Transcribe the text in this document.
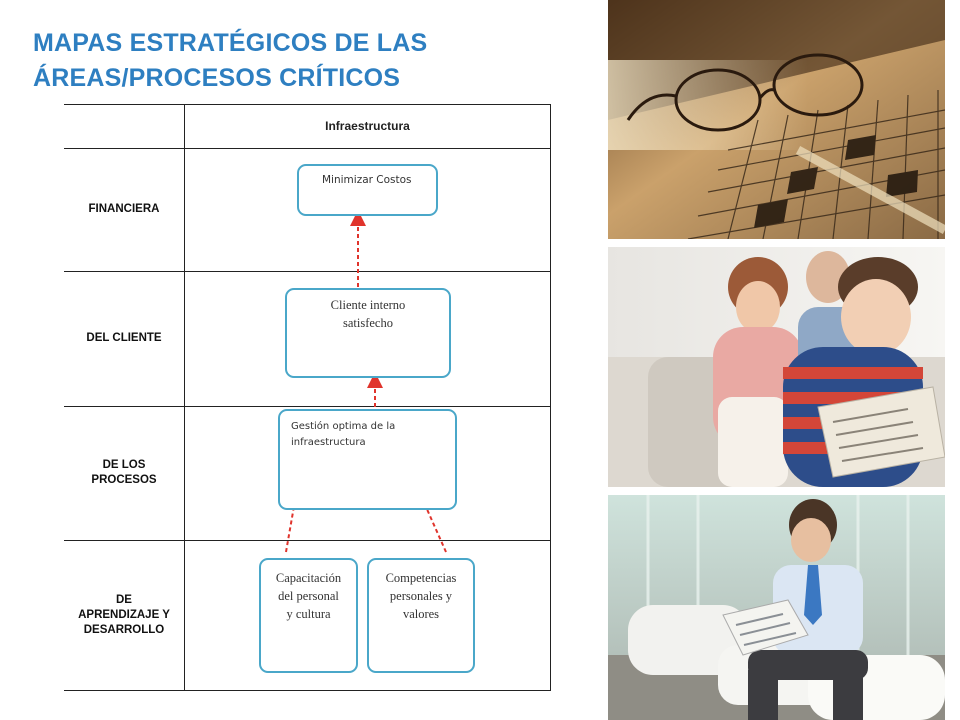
MAPAS ESTRATÉGICOS DE LAS
ÁREAS/PROCESOS CRÍTICOS
Infraestructura
FINANCIERA
DEL CLIENTE
DE LOS
PROCESOS
DE
APRENDIZAJE Y
DESARROLLO
Minimizar Costos
Cliente interno
satisfecho
Gestión optima de la
infraestructura
Capacitación
del personal
y cultura
Competencias
personales y
valores
